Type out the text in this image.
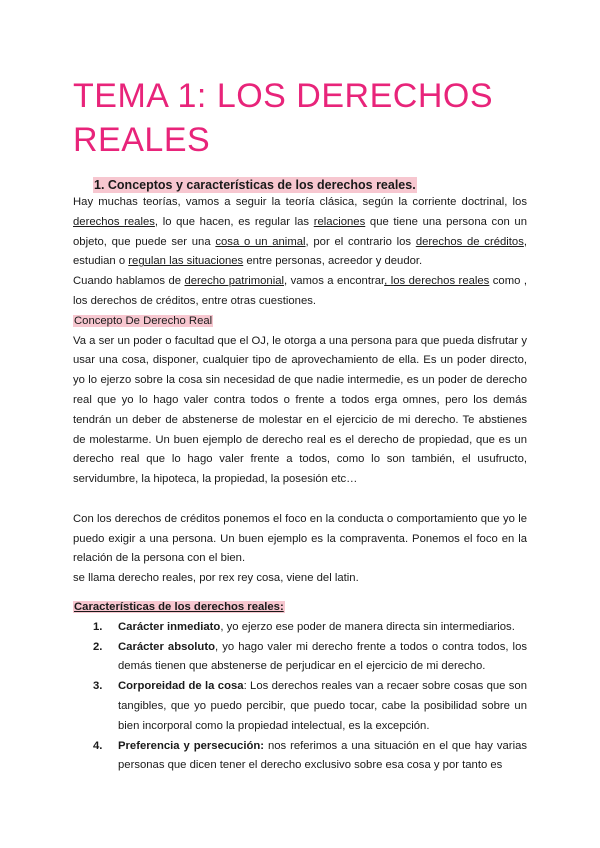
TEMA 1: LOS DERECHOS
REALES
1. Conceptos y características de los derechos reales.

Hay muchas teorías, vamos a seguir la teoría clásica, según la corriente doctrinal, los derechos reales, lo que hacen, es regular las relaciones que tiene una persona con un objeto, que puede ser una cosa o un animal, por el contrario los derechos de créditos, estudian o regulan las situaciones entre personas, acreedor y deudor.

Cuando hablamos de derecho patrimonial, vamos a encontrar, los derechos reales como , los derechos de créditos, entre otras cuestiones.

Concepto De Derecho Real

Va a ser un poder o facultad que el OJ, le otorga a una persona para que pueda disfrutar y usar una cosa, disponer, cualquier tipo de aprovechamiento de ella. Es un poder directo, yo lo ejerzo sobre la cosa sin necesidad de que nadie intermedie, es un poder de derecho real que yo lo hago valer contra todos o frente a todos erga omnes, pero los demás tendrán un deber de abstenerse de molestar en el ejercicio de mi derecho. Te abstienes de molestarme. Un buen ejemplo de derecho real es el derecho de propiedad, que es un derecho real que lo hago valer frente a todos, como lo son también, el usufructo, servidumbre, la hipoteca, la propiedad, la posesión etc…

Con los derechos de créditos ponemos el foco en la conducta o comportamiento que yo le puedo exigir a una persona. Un buen ejemplo es la compraventa. Ponemos el foco en la relación de la persona con el bien.

se llama derecho reales, por rex rey cosa, viene del latin.

Características de los derechos reales:

1. Carácter inmediato, yo ejerzo ese poder de manera directa sin intermediarios.
2. Carácter absoluto, yo hago valer mi derecho frente a todos o contra todos, los demás tienen que abstenerse de perjudicar en el ejercicio de mi derecho.
3. Corporeidad de la cosa: Los derechos reales van a recaer sobre cosas que son tangibles, que yo puedo percibir, que puedo tocar, cabe la posibilidad sobre un bien incorporal como la propiedad intelectual, es la excepción.
4. Preferencia y persecución: nos referimos a una situación en el que hay varias personas que dicen tener el derecho exclusivo sobre esa cosa y por tanto es
